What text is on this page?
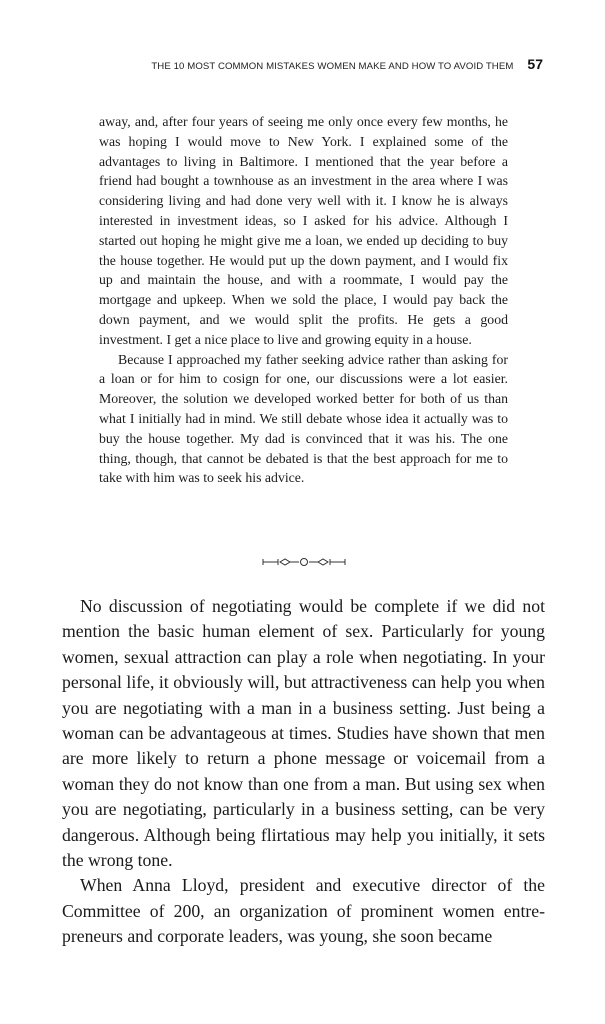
THE 10 MOST COMMON MISTAKES WOMEN MAKE AND HOW TO AVOID THEM 57

away, and, after four years of seeing me only once every few months, he was hoping I would move to New York. I explained some of the advantages to living in Baltimore. I mentioned that the year before a friend had bought a townhouse as an investment in the area where I was considering living and had done very well with it. I know he is always interested in investment ideas, so I asked for his advice. Although I started out hoping he might give me a loan, we ended up deciding to buy the house together. He would put up the down payment, and I would fix up and maintain the house, and with a roommate, I would pay the mortgage and upkeep. When we sold the place, I would pay back the down payment, and we would split the profits. He gets a good investment. I get a nice place to live and growing equity in a house.

Because I approached my father seeking advice rather than asking for a loan or for him to cosign for one, our discussions were a lot easier. Moreover, the solution we developed worked better for both of us than what I initially had in mind. We still debate whose idea it actually was to buy the house together. My dad is convinced that it was his. The one thing, though, that cannot be debated is that the best approach for me to take with him was to seek his advice.

No discussion of negotiating would be complete if we did not mention the basic human element of sex. Particularly for young women, sexual attraction can play a role when negotiating. In your personal life, it obviously will, but attractiveness can help you when you are negotiating with a man in a business setting. Just being a woman can be advantageous at times. Studies have shown that men are more likely to return a phone message or voicemail from a woman they do not know than one from a man. But using sex when you are negotiating, particularly in a business setting, can be very dangerous. Although being flirtatious may help you initially, it sets the wrong tone.

When Anna Lloyd, president and executive director of the Committee of 200, an organization of prominent women entrepreneurs and corporate leaders, was young, she soon became
